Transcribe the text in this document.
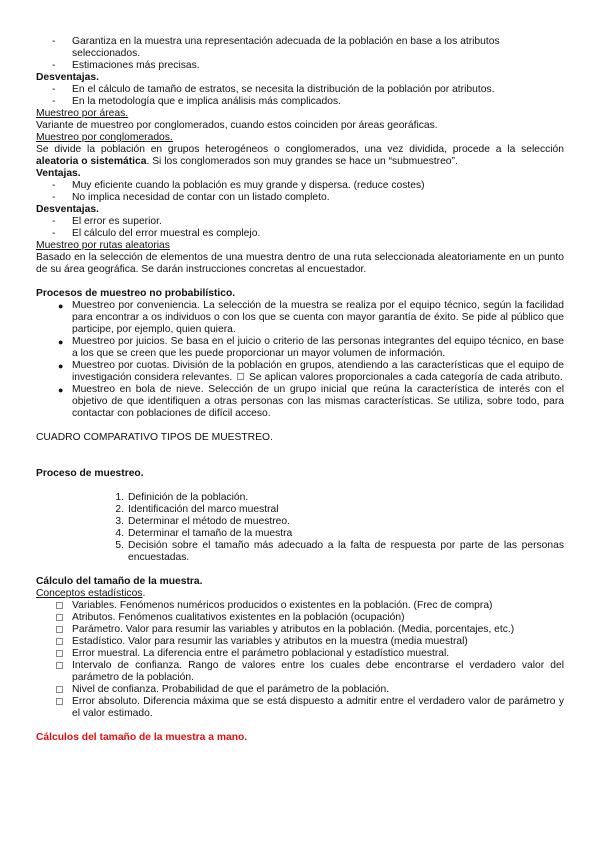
- Garantiza en la muestra una representación adecuada de la población en base a los atributos seleccionados.
- Estimaciones más precisas.
Desventajas.
- En el cálculo de tamaño de estratos, se necesita la distribución de la población por atributos.
- En la metodología que e implica análisis más complicados.
Muestreo por áreas.
Variante de muestreo por conglomerados, cuando estos coinciden por áreas georáficas.
Muestreo por conglomerados.
Se divide la población en grupos heterogéneos o conglomerados, una vez dividida, procede a la selección aleatoria o sistemática. Si los conglomerados son muy grandes se hace un “submuestreo”.
Ventajas.
- Muy eficiente cuando la población es muy grande y dispersa. (reduce costes)
- No implica necesidad de contar con un listado completo.
Desventajas.
- El error es superior.
- El cálculo del error muestral es complejo.
Muestreo por rutas aleatorias
Basado en la selección de elementos de una muestra dentro de una ruta seleccionada aleatoriamente en un punto de su área geográfica. Se darán instrucciones concretas al encuestador.
Procesos de muestreo no probabilístico.
● Muestreo por conveniencia. La selección de la muestra se realiza por el equipo técnico, según la facilidad para encontrar a os individuos o con los que se cuenta con mayor garantía de éxito. Se pide al público que participe, por ejemplo, quien quiera.
● Muestreo por juicios. Se basa en el juicio o criterio de las personas integrantes del equipo técnico, en base a los que se creen que les puede proporcionar un mayor volumen de información.
● Muestreo por cuotas. División de la población en grupos, atendiendo a las características que el equipo de investigación considera relevantes. Se aplican valores proporcionales a cada categoría de cada atributo.
● Muestreo en bola de nieve. Selección de un grupo inicial que reúna la característica de interés con el objetivo de que identifiquen a otras personas con las mismas características. Se utiliza, sobre todo, para contactar con poblaciones de difícil acceso.
CUADRO COMPARATIVO TIPOS DE MUESTREO.
Proceso de muestreo.
1. Definición de la población.
2. Identificación del marco muestral
3. Determinar el método de muestreo.
4. Determinar el tamaño de la muestra
5. Decisión sobre el tamaño más adecuado a la falta de respuesta por parte de las personas encuestadas.
Cálculo del tamaño de la muestra.
Conceptos estadísticos.
Variables. Fenómenos numéricos producidos o existentes en la población. (Frec de compra)
Atributos. Fenómenos cualitativos existentes en la población (ocupación)
Parámetro. Valor para resumir las variables y atributos en la población. (Media, porcentajes, etc.)
Estadístico. Valor para resumir las variables y atributos en la muestra (media muestral)
Error muestral. La diferencia entre el parámetro poblacional y estadístico muestral.
Intervalo de confianza. Rango de valores entre los cuales debe encontrarse el verdadero valor del parámetro de la población.
Nivel de confianza. Probabilidad de que el parámetro de la población.
Error absoluto. Diferencia máxima que se está dispuesto a admitir entre el verdadero valor de parámetro y el valor estimado.
Cálculos del tamaño de la muestra a mano.
